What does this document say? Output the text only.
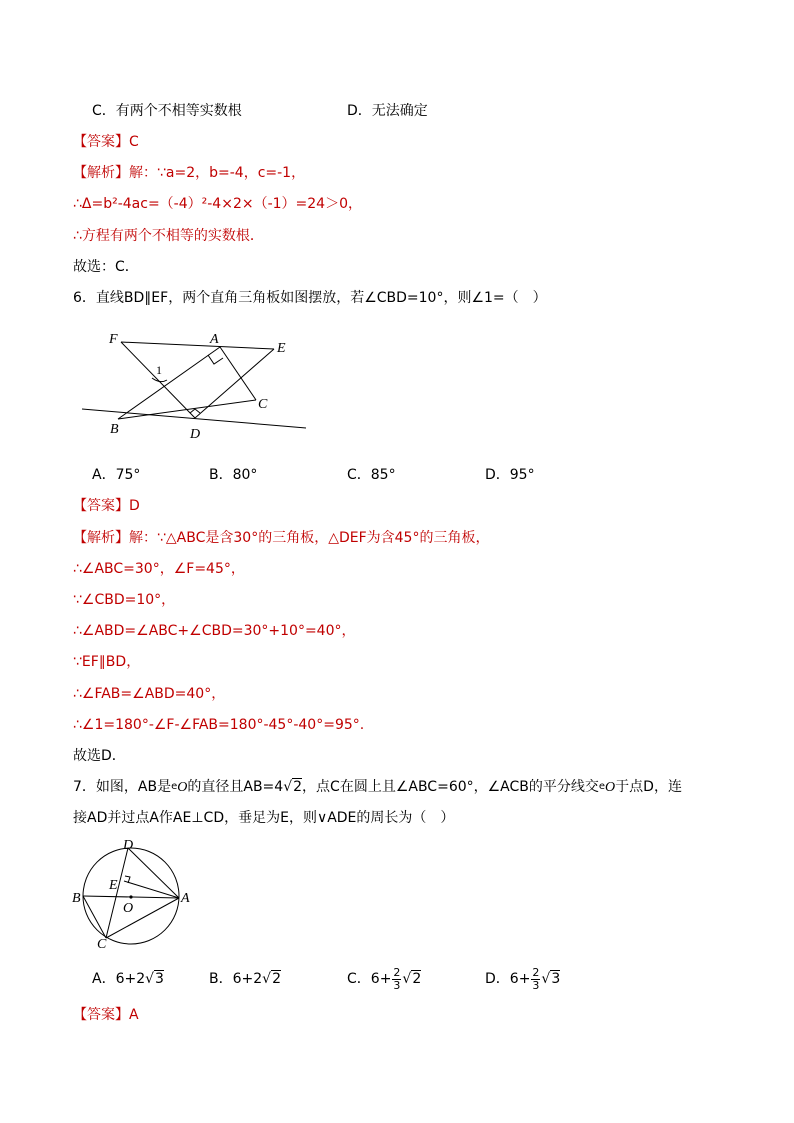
C．有两个不相等实数根	D．无法确定
【答案】C
【解析】解：∵a=2，b=-4，c=-1，
∴Δ=b²-4ac=（-4）²-4×2×（-1）=24＞0，
∴方程有两个不相等的实数根．
故选：C．
6．直线BD∥EF，两个直角三角板如图摆放，若∠CBD=10°，则∠1=（　）
F	A
E
1
C
B	D
A．75°	B．80°	C．85°	D．95°
【答案】D
【解析】解：∵△ABC是含30°的三角板，△DEF为含45°的三角板，
∴∠ABC=30°，∠F=45°，
∵∠CBD=10°，
∴∠ABD=∠ABC+∠CBD=30°+10°=40°，
∵EF∥BD，
∴∠FAB=∠ABD=40°，
∴∠1=180°-∠F-∠FAB=180°-45°-40°=95°.
故选D．
7．如图，AB是$^e$O的直径且AB=4√2，点C在圆上且∠ABC=60°，∠ACB的平分线交$^e$O于点D，连
接AD并过点A作AE⊥CD，垂足为E，则∨ADE的周长为（　）
D
E
B	A
O
C
A．6+2√3	B．6+2√2	C．$6+ \frac{2}{3} √2$	D．$6+ \frac{2}{3} √3$
【答案】A
